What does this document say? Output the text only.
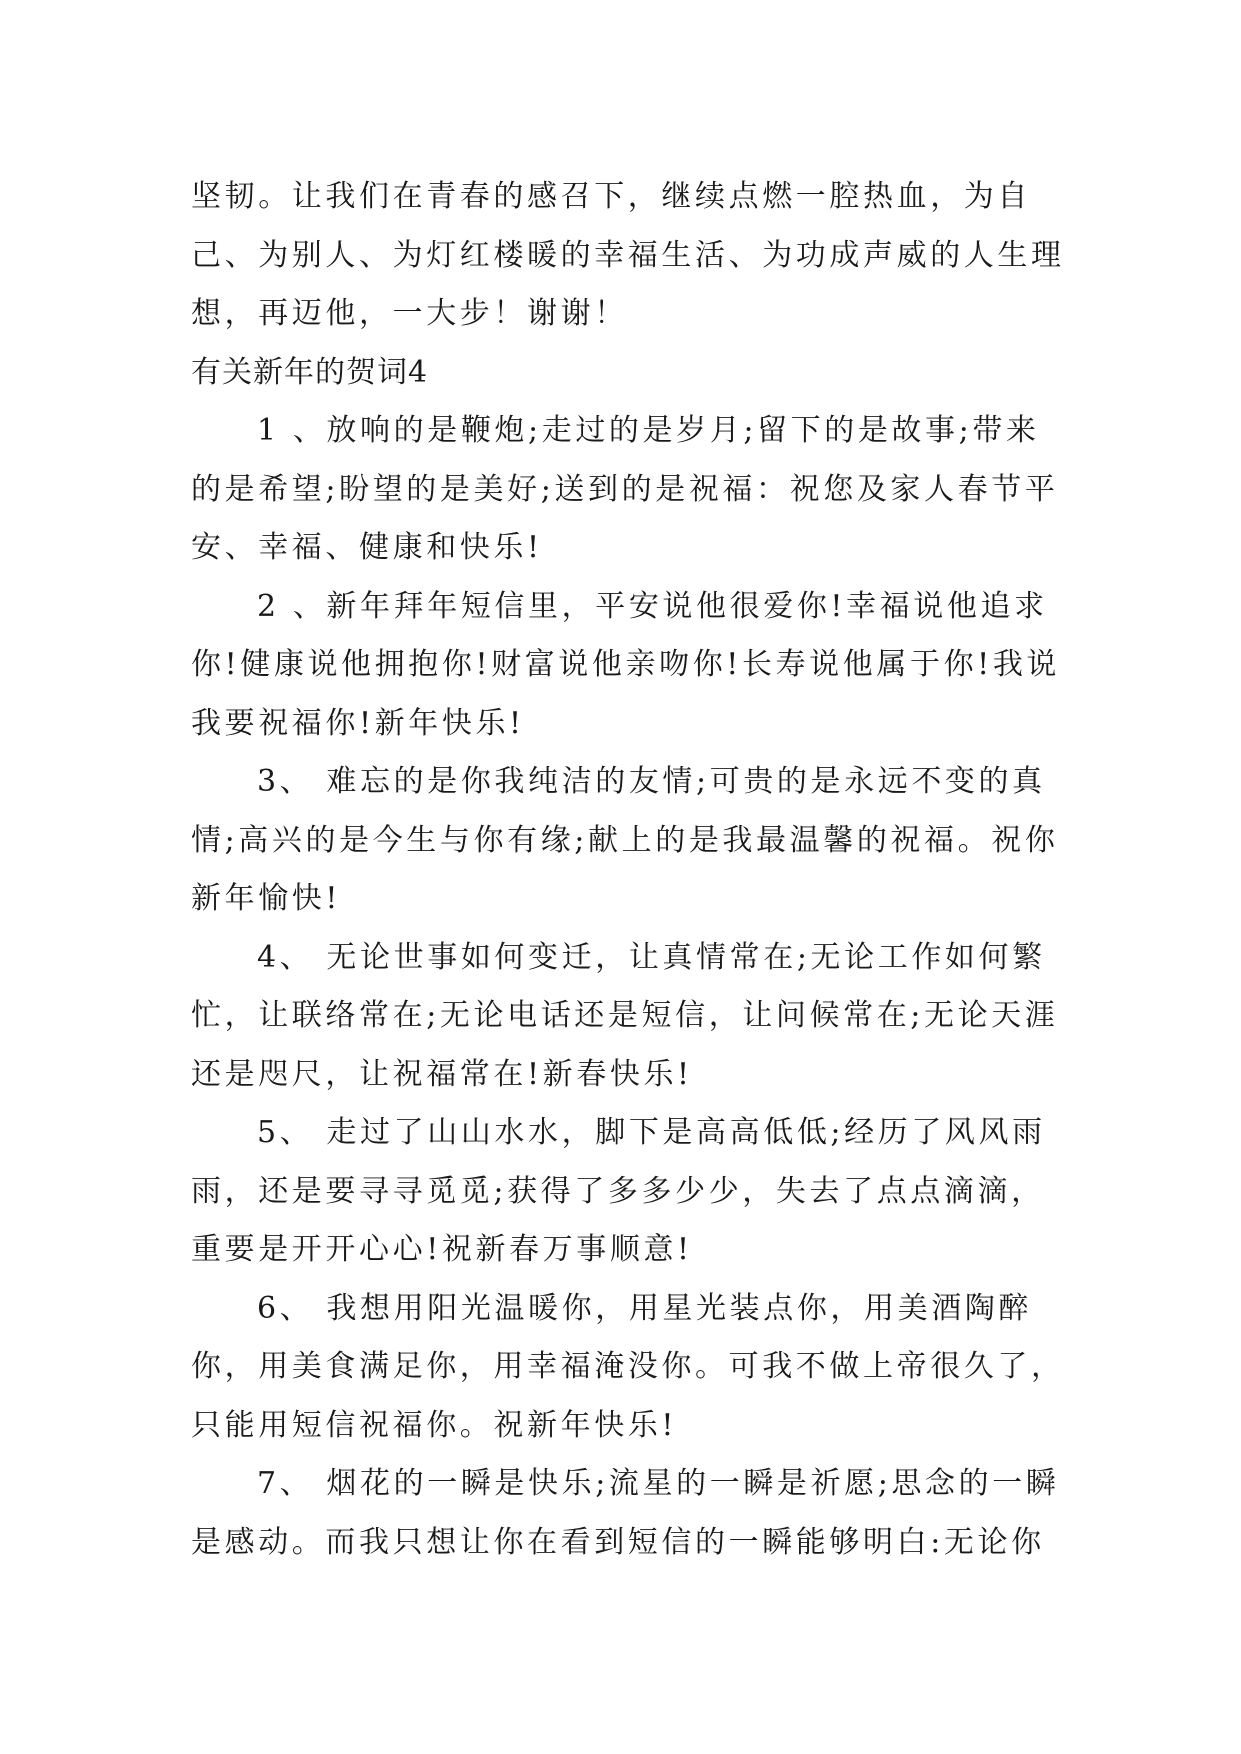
坚韧。让我们在青春的感召下，继续点燃一腔热血，为自己、为别人、为灯红楼暖的幸福生活、为功成声威的人生理想，再迈他，一大步！谢谢！

有关新年的贺词4

1 、放响的是鞭炮;走过的是岁月;留下的是故事;带来的是希望;盼望的是美好;送到的是祝福：祝您及家人春节平安、幸福、健康和快乐!

2 、新年拜年短信里，平安说他很爱你!幸福说他追求你!健康说他拥抱你!财富说他亲吻你!长寿说他属于你!我说我要祝福你!新年快乐!

3、 难忘的是你我纯洁的友情;可贵的是永远不变的真情;高兴的是今生与你有缘;献上的是我最温馨的祝福。祝你新年愉快!

4、 无论世事如何变迁，让真情常在;无论工作如何繁忙，让联络常在;无论电话还是短信，让问候常在;无论天涯还是咫尺，让祝福常在!新春快乐!

5、 走过了山山水水，脚下是高高低低;经历了风风雨雨，还是要寻寻觅觅;获得了多多少少，失去了点点滴滴，重要是开开心心!祝新春万事顺意!

6、 我想用阳光温暖你，用星光装点你，用美酒陶醉你，用美食满足你，用幸福淹没你。可我不做上帝很久了，只能用短信祝福你。祝新年快乐!

7、 烟花的一瞬是快乐;流星的一瞬是祈愿;思念的一瞬是感动。而我只想让你在看到短信的一瞬能够明白:无论你
